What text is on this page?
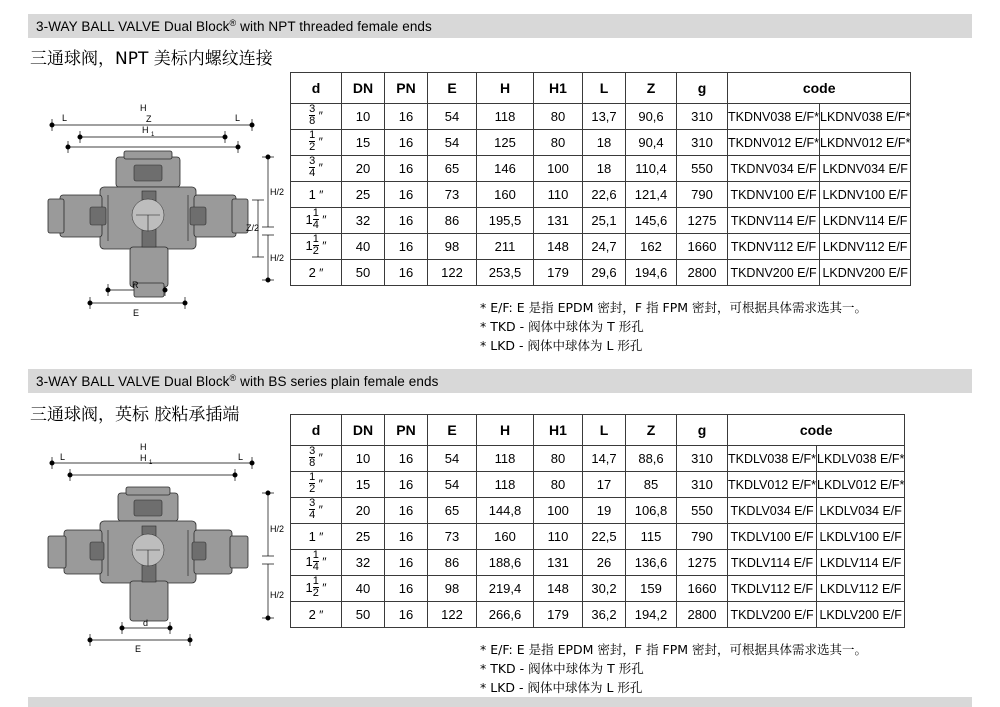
3-WAY BALL VALVE Dual Block ®
with NPT threaded female ends
三通球阀，NPT 美标内螺纹连接
H
Z
H 1
L	L
H/2
Z/2
H/2
R
E
d	DN	PN	E	H	H1	L	Z	g	code	

$\frac{3}{8}$ ″	10	16	54	118	80	13,7	90,6	310	TKDNV038 E/F*	LKDNV038 E/F*

$\frac{1}{2}$ ″	15	16	54	125	80	18	90,4	310	TKDNV012 E/F*	LKDNV012 E/F*

$\frac{3}{4}$ ″	20	16	65	146	100	18	110,4	550	TKDNV034 E/F	LKDNV034 E/F
1 ″	25	16	73	160	110	22,6	121,4	790	TKDNV100 E/F	LKDNV100 E/F
$1 \frac{1}{4}$ ″	32	16	86	195,5	131	25,1	145,6	1275	TKDNV114 E/F	LKDNV114 E/F
$1 \frac{1}{2}$ ″	40	16	98	211	148	24,7	162	1660	TKDNV112 E/F	LKDNV112 E/F
2 ″	50	16	122	253,5	179	29,6	194,6	2800	TKDNV200 E/F	LKDNV200 E/F
* E/F: E 是指 EPDM 密封，F 指 FPM 密封，可根据具体需求选其一。
* TKD - 阀体中球体为 T 形孔
* LKD - 阀体中球体为 L 形孔
3-WAY BALL VALVE Dual Block ®
with BS series plain female ends
三通球阀，英标 胶粘承插端
H
H 1
L	L
H/2
H/2
d
E
d	DN	PN	E	H	H1	L	Z	g	code	

$\frac{3}{8}$ ″	10	16	54	118	80	14,7	88,6	310	TKDLV038 E/F*	LKDLV038 E/F*

$\frac{1}{2}$ ″	15	16	54	118	80	17	85	310	TKDLV012 E/F*	LKDLV012 E/F*

$\frac{3}{4}$ ″	20	16	65	144,8	100	19	106,8	550	TKDLV034 E/F	LKDLV034 E/F
1 ″	25	16	73	160	110	22,5	115	790	TKDLV100 E/F	LKDLV100 E/F
$1 \frac{1}{4}$ ″	32	16	86	188,6	131	26	136,6	1275	TKDLV114 E/F	LKDLV114 E/F
$1 \frac{1}{2}$ ″	40	16	98	219,4	148	30,2	159	1660	TKDLV112 E/F	LKDLV112 E/F
2 ″	50	16	122	266,6	179	36,2	194,2	2800	TKDLV200 E/F	LKDLV200 E/F
* E/F: E 是指 EPDM 密封，F 指 FPM 密封，可根据具体需求选其一。
* TKD - 阀体中球体为 T 形孔
* LKD - 阀体中球体为 L 形孔
